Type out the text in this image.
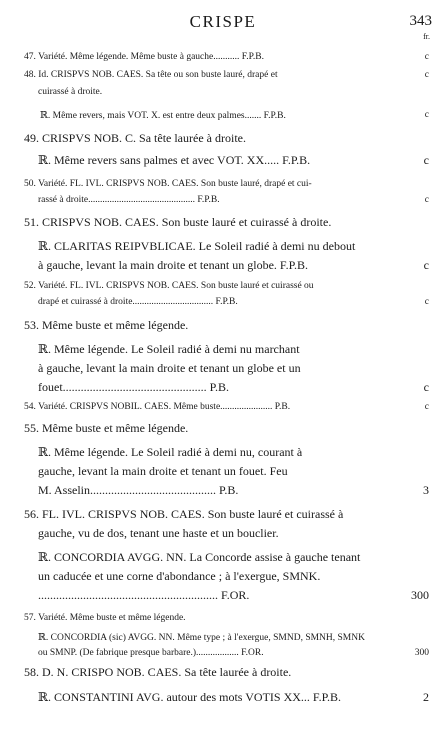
CRISPE	343
fr.
47. Variété. Même légende. Même buste à gauche........... F.P.B.	c
48. Id. CRISPVS NOB. CAES. Sa tête ou son buste lauré, drapé et	c
cuirassé à droite.
ℝ. Même revers, mais VOT. X. est entre deux palmes....... F.P.B.	c
49. CRISPVS NOB. C. Sa tête laurée à droite.
ℝ. Même revers sans palmes et avec VOT. XX..... F.P.B.	c
50. Variété. FL. IVL. CRISPVS NOB. CAES. Son buste lauré, drapé et cui-
rassé à droite............................................. F.P.B.	c
51. CRISPVS NOB. CAES. Son buste lauré et cuirassé à droite.
ℝ. CLARITAS REIPVBLICAE. Le Soleil radié à demi nu debout
à gauche, levant la main droite et tenant un globe. F.P.B.	c
52. Variété. FL. IVL. CRISPVS NOB. CAES. Son buste lauré et cuirassé ou
drapé et cuirassé à droite.................................. F.P.B.	c
53. Même buste et même légende.
ℝ. Même légende. Le Soleil radié à demi nu marchant
à gauche, levant la main droite et tenant un globe et un
fouet................................................ P.B.	c
54. Variété. CRISPVS NOBIL. CAES. Même buste...................... P.B.	c
55. Même buste et même légende.
ℝ. Même légende. Le Soleil radié à demi nu, courant à
gauche, levant la main droite et tenant un fouet. Feu
M. Asselin.......................................... P.B.	3
56. FL. IVL. CRISPVS NOB. CAES. Son buste lauré et cuirassé à
gauche, vu de dos, tenant une haste et un bouclier.
ℝ. CONCORDIA AVGG. NN. La Concorde assise à gauche tenant
un caducée et une corne d'abondance ; à l'exergue, SMNK.
............................................................ F.OR.	300
57. Variété. Même buste et même légende.
ℝ. CONCORDIA (sic) AVGG. NN. Même type ; à l'exergue, SMND, SMNH, SMNK
ou SMNP. (De fabrique presque barbare.).................. F.OR.	300
58. D. N. CRISPO NOB. CAES. Sa tête laurée à droite.
ℝ. CONSTANTINI AVG. autour des mots VOTIS XX... F.P.B.	2
